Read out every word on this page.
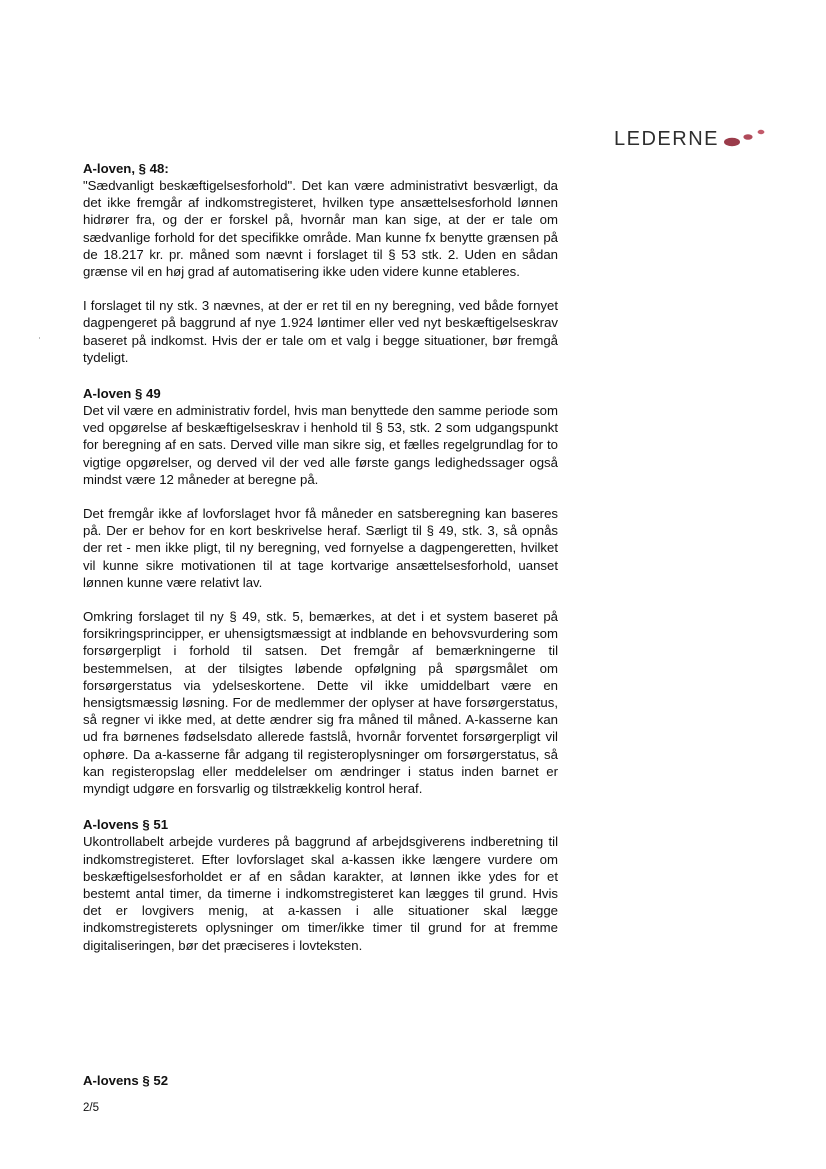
LEDERNE

A-loven, § 48:

"Sædvanligt beskæftigelsesforhold". Det kan være administrativt besværligt, da det ikke fremgår af indkomstregisteret, hvilken type ansættelsesforhold lønnen hidrører fra, og der er forskel på, hvornår man kan sige, at der er tale om sædvanlige forhold for det specifikke område. Man kunne fx benytte grænsen på de 18.217 kr. pr. måned som nævnt i forslaget til § 53 stk. 2. Uden en sådan grænse vil en høj grad af automatisering ikke uden videre kunne etableres.

I forslaget til ny stk. 3 nævnes, at der er ret til en ny beregning, ved både fornyet dagpengeret på baggrund af nye 1.924 løntimer eller ved nyt beskæftigelseskrav baseret på indkomst. Hvis der er tale om et valg i begge situationer, bør fremgå tydeligt.

A-loven § 49

Det vil være en administrativ fordel, hvis man benyttede den samme periode som ved opgørelse af beskæftigelseskrav i henhold til § 53, stk. 2 som udgangspunkt for beregning af en sats. Derved ville man sikre sig, et fælles regelgrundlag for to vigtige opgørelser, og derved vil der ved alle første gangs ledighedssager også mindst være 12 måneder at beregne på.

Det fremgår ikke af lovforslaget hvor få måneder en satsberegning kan baseres på. Der er behov for en kort beskrivelse heraf. Særligt til § 49, stk. 3, så opnås der ret - men ikke pligt, til ny beregning, ved fornyelse a dagpengeretten, hvilket vil kunne sikre motivationen til at tage kortvarige ansættelsesforhold, uanset lønnen kunne være relativt lav.

Omkring forslaget til ny § 49, stk. 5, bemærkes, at det i et system baseret på forsikringsprincipper, er uhensigtsmæssigt at indblande en behovsvurdering som forsørgerpligt i forhold til satsen. Det fremgår af bemærkningerne til bestemmelsen, at der tilsigtes løbende opfølgning på spørgsmålet om forsørgerstatus via ydelseskortene. Dette vil ikke umiddelbart være en hensigtsmæssig løsning. For de medlemmer der oplyser at have forsørgerstatus, så regner vi ikke med, at dette ændrer sig fra måned til måned. A-kasserne kan ud fra børnenes fødselsdato allerede fastslå, hvornår forventet forsørgerpligt vil ophøre. Da a-kasserne får adgang til registeroplysninger om forsørgerstatus, så kan registeropslag eller meddelelser om ændringer i status inden barnet er myndigt udgøre en forsvarlig og tilstrækkelig kontrol heraf.

A-lovens § 51

Ukontrollabelt arbejde vurderes på baggrund af arbejdsgiverens indberetning til indkomstregisteret. Efter lovforslaget skal a-kassen ikke længere vurdere om beskæftigelsesforholdet er af en sådan karakter, at lønnen ikke ydes for et bestemt antal timer, da timerne i indkomstregisteret kan lægges til grund. Hvis det er lovgivers menig, at a-kassen i alle situationer skal lægge indkomstregisterets oplysninger om timer/ikke timer til grund for at fremme digitaliseringen, bør det præciseres i lovteksten.

A-lovens § 52
2/5
